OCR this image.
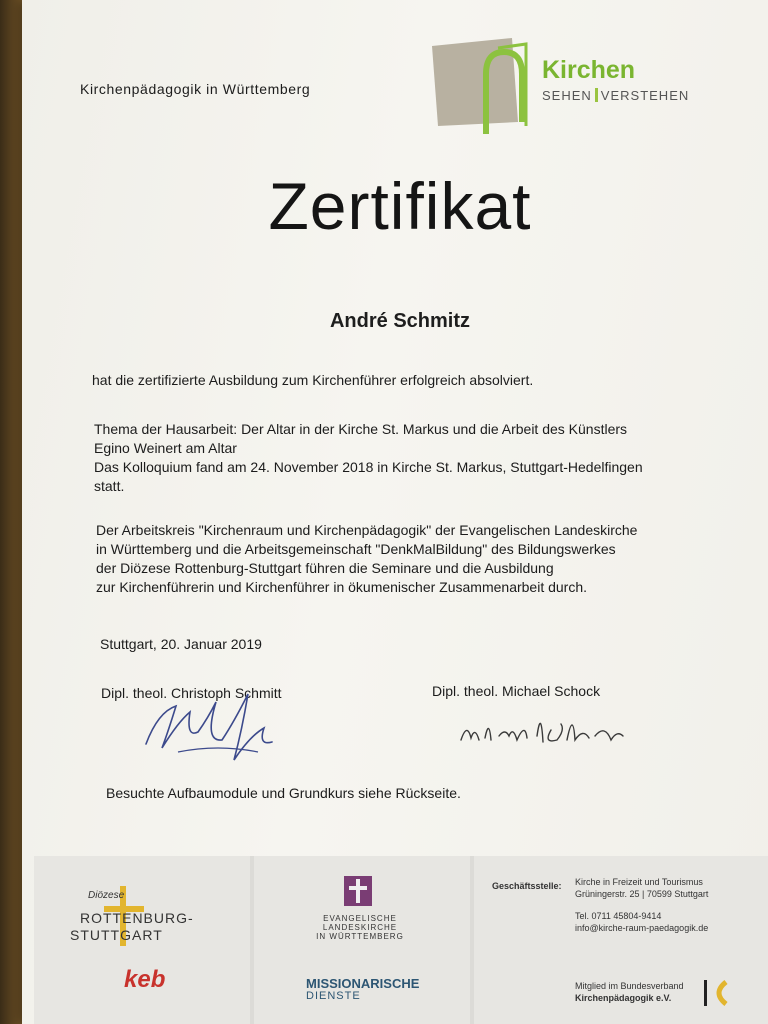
Kirchenpädagogik in Württemberg
Kirchen
SEHEN VERSTEHEN
Zertifikat
André Schmitz
hat die zertifizierte Ausbildung zum Kirchenführer erfolgreich absolviert.
Thema der Hausarbeit: Der Altar in der Kirche St. Markus und die Arbeit des Künstlers
Egino Weinert am Altar
Das Kolloquium fand am 24. November 2018 in Kirche St. Markus, Stuttgart-Hedelfingen
statt.
Der Arbeitskreis "Kirchenraum und Kirchenpädagogik" der Evangelischen Landeskirche
in Württemberg und die Arbeitsgemeinschaft "DenkMalBildung" des Bildungswerkes
der Diözese Rottenburg-Stuttgart führen die Seminare und die Ausbildung
zur Kirchenführerin und Kirchenführer in ökumenischer Zusammenarbeit durch.
Stuttgart, 20. Januar 2019
Dipl. theol. Christoph Schmitt	Dipl. theol. Michael Schock
Besuchte Aufbaumodule und Grundkurs siehe Rückseite.
Diözese
ROTTENBURG-
STUTTGART
keb
EVANGELISCHE LANDESKIRCHE
IN WÜRTTEMBERG
MISSIONARISCHE
DIENSTE
Geschäftsstelle: Kirche in Freizeit und Tourismus
Grüningerstr. 25 | 70599 Stuttgart
Tel. 0711 45804-9414
info@kirche-raum-paedagogik.de
Mitglied im Bundesverband
Kirchenpädagogik e.V.
